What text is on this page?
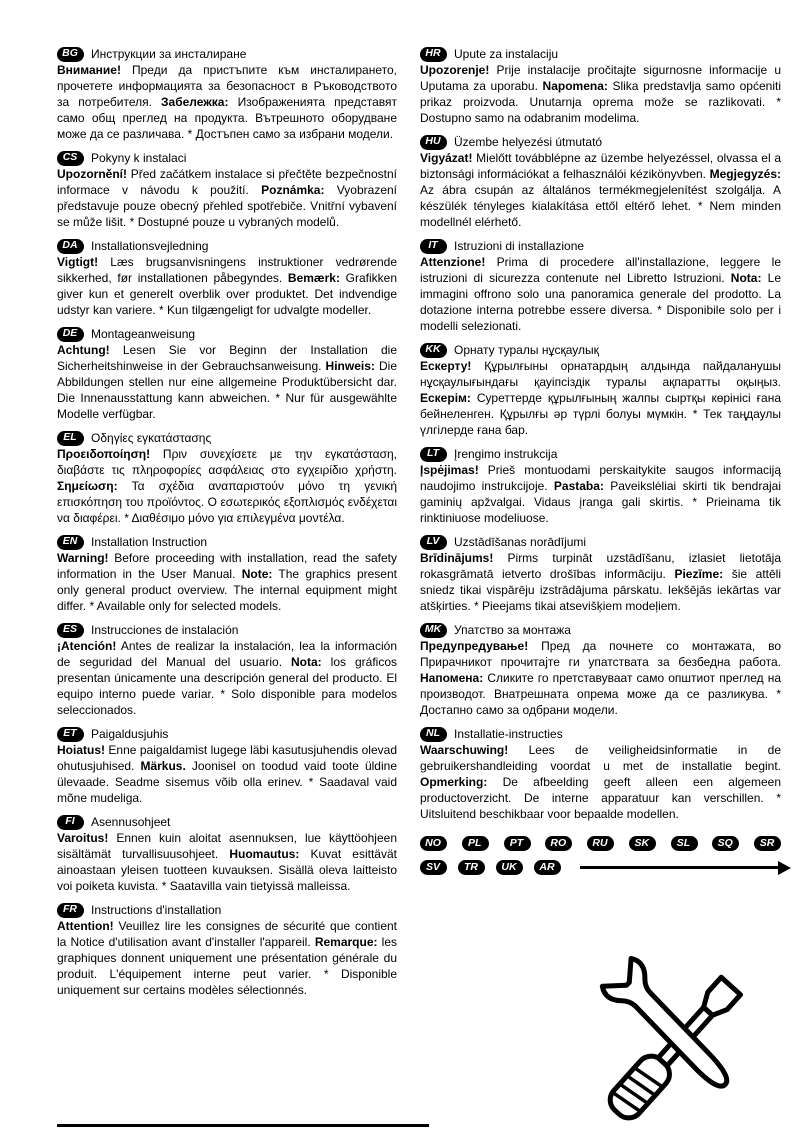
BG	Инструкции за инсталиране
Внимание! Преди да пристъпите към инсталирането, прочетете информацията за безопасност в Ръководството за потребителя. Забележка: Изображенията представят само общ преглед на продукта. Вътрешното оборудване може да се различава. * Достъпен само за избрани модели.
CS	Pokyny k instalaci
Upozornění! Před začátkem instalace si přečtěte bezpečnostní informace v návodu k použití. Poznámka: Vyobrazení představuje pouze obecný přehled spotřebiče. Vnitřní vybavení se může lišit. * Dostupné pouze u vybraných modelů.
DA	Installationsvejledning
Vigtigt! Læs brugsanvisningens instruktioner vedrørende sikkerhed, før installationen påbegyndes. Bemærk: Grafikken giver kun et generelt overblik over produktet. Det indvendige udstyr kan variere. * Kun tilgængeligt for udvalgte modeller.
DE	Montageanweisung
Achtung! Lesen Sie vor Beginn der Installation die Sicherheitshinweise in der Gebrauchsanweisung. Hinweis: Die Abbildungen stellen nur eine allgemeine Produktübersicht dar. Die Innenausstattung kann abweichen. * Nur für ausgewählte Modelle verfügbar.
EL	Οδηγίες εγκατάστασης
Προειδοποίηση! Πριν συνεχίσετε με την εγκατάσταση, διαβάστε τις πληροφορίες ασφάλειας στο εγχειρίδιο χρήστη. Σημείωση: Τα σχέδια αναπαριστούν μόνο τη γενική επισκόπηση του προϊόντος. Ο εσωτερικός εξοπλισμός ενδέχεται να διαφέρει. * Διαθέσιμο μόνο για επιλεγμένα μοντέλα.
EN	Installation Instruction
Warning! Before proceeding with installation, read the safety information in the User Manual. Note: The graphics present only general product overview. The internal equipment might differ. * Available only for selected models.
ES	Instrucciones de instalación
¡Atención! Antes de realizar la instalación, lea la información de seguridad del Manual del usuario. Nota: los gráficos presentan únicamente una descripción general del producto. El equipo interno puede variar. * Solo disponible para modelos seleccionados.
ET	Paigaldusjuhis
Hoiatus! Enne paigaldamist lugege läbi kasutusjuhendis olevad ohutusjuhised. Märkus. Joonisel on toodud vaid toote üldine ülevaade. Seadme sisemus võib olla erinev. * Saadaval vaid mõne mudeliga.
FI	Asennusohjeet
Varoitus! Ennen kuin aloitat asennuksen, lue käyttöohjeen sisältämät turvallisuusohjeet. Huomautus: Kuvat esittävät ainoastaan yleisen tuotteen kuvauksen. Sisällä oleva laitteisto voi poiketa kuvista. * Saatavilla vain tietyissä malleissa.
FR	Instructions d'installation
Attention! Veuillez lire les consignes de sécurité que contient la Notice d'utilisation avant d'installer l'appareil. Remarque: les graphiques donnent uniquement une présentation générale du produit. L'équipement interne peut varier. * Disponible uniquement sur certains modèles sélectionnés.
HR	Upute za instalaciju
Upozorenje! Prije instalacije pročitajte sigurnosne informacije u Uputama za uporabu. Napomena: Slika predstavlja samo općeniti prikaz proizvoda. Unutarnja oprema može se razlikovati. * Dostupno samo na odabranim modelima.
HU	Üzembe helyezési útmutató
Vigyázat! Mielőtt továbblépne az üzembe helyezéssel, olvassa el a biztonsági információkat a felhasználói kézikönyvben. Megjegyzés: Az ábra csupán az általános termékmegjelenítést szolgálja. A készülék tényleges kialakítása ettől eltérő lehet. * Nem minden modellnél elérhető.
IT	Istruzioni di installazione
Attenzione! Prima di procedere all'installazione, leggere le istruzioni di sicurezza contenute nel Libretto Istruzioni. Nota: Le immagini offrono solo una panoramica generale del prodotto. La dotazione interna potrebbe essere diversa. * Disponibile solo per i modelli selezionati.
KK	Орнату туралы нұсқаулық
Ескерту! Құрылғыны орнатардың алдында пайдаланушы нұсқаулығындағы қауіпсіздік туралы ақпаратты оқыңыз. Ескерім: Суреттерде құрылғының жалпы сыртқы көрінісі ғана бейнеленген. Құрылғы әр түрлі болуы мүмкін. * Тек таңдаулы үлгілерде ғана бар.
LT	Įrengimo instrukcija
Įspėjimas! Prieš montuodami perskaitykite saugos informaciją naudojimo instrukcijoje. Pastaba: Paveikslėliai skirti tik bendrajai gaminių apžvalgai. Vidaus įranga gali skirtis. * Prieinama tik rinktiniuose modeliuose.
LV	Uzstādīšanas norādījumi
Brīdinājums! Pirms turpināt uzstādīšanu, izlasiet lietotāja rokasgrāmatā ietverto drošības informāciju. Piezīme: šie attēli sniedz tikai vispārēju izstrādājuma pārskatu. Iekšējās iekārtas var atšķirties. * Pieejams tikai atsevišķiem modeļiem.
MK	Упатство за монтажа
Предупредување! Пред да почнете со монтажата, во Прирачникот прочитајте ги упатствата за безбедна работа. Напомена: Сликите го претставуваат само општиот преглед на производот. Внатрешната опрема може да се разликува. * Достапно само за одбрани модели.
NL	Installatie-instructies
Waarschuwing! Lees de veiligheidsinformatie in de gebruikershandleiding voordat u met de installatie begint. Opmerking: De afbeelding geeft alleen een algemeen productoverzicht. De interne apparatuur kan verschillen. * Uitsluitend beschikbaar voor bepaalde modellen.
NO	PL	PT	RO	RU	SK	SL	SQ	SR
SV	TR	UK	AR
